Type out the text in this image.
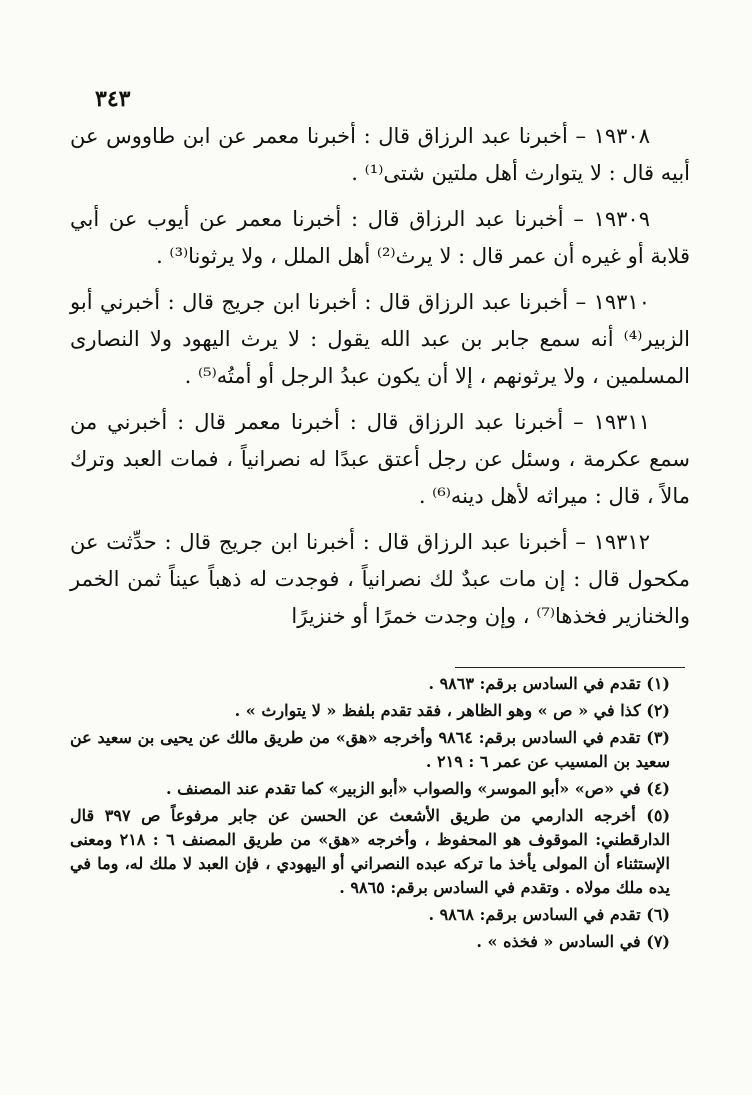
٣٤٣

١٩٣٠٨ – أخبرنا عبد الرزاق قال : أخبرنا معمر عن ابن طاووس عن أبيه قال : لا يتوارث أهل ملتين شتى⁽¹⁾ .

١٩٣٠٩ – أخبرنا عبد الرزاق قال : أخبرنا معمر عن أيوب عن أبي قلابة أو غيره أن عمر قال : لا يرث⁽²⁾ أهل الملل ، ولا يرثونا⁽³⁾ .

١٩٣١٠ – أخبرنا عبد الرزاق قال : أخبرنا ابن جريج قال : أخبرني أبو الزبير⁽⁴⁾ أنه سمع جابر بن عبد الله يقول : لا يرث اليهود ولا النصارى المسلمين ، ولا يرثونهم ، إلا أن يكون عبدُ الرجل أو أمتُه⁽⁵⁾ .

١٩٣١١ – أخبرنا عبد الرزاق قال : أخبرنا معمر قال : أخبرني من سمع عكرمة ، وسئل عن رجل أعتق عبدًا له نصرانياً ، فمات العبد وترك مالاً ، قال : ميراثه لأهل دينه⁽⁶⁾ .

١٩٣١٢ – أخبرنا عبد الرزاق قال : أخبرنا ابن جريج قال : حدِّثت عن مكحول قال : إن مات عبدٌ لك نصرانياً ، فوجدت له ذهباً عيناً ثمن الخمر والخنازير فخذها⁽⁷⁾ ، وإن وجدت خمرًا أو خنزيرًا

(١) تقدم في السادس برقم: ٩٨٦٣ .

(٢) كذا في « ص » وهو الظاهر ، فقد تقدم بلفظ « لا يتوارث » .

(٣) تقدم في السادس برقم: ٩٨٦٤ وأخرجه «هق» من طريق مالك عن يحيى بن سعيد عن سعيد بن المسيب عن عمر ٦ : ٢١٩ .

(٤) في «ص» «أبو الموسر» والصواب «أبو الزبير» كما تقدم عند المصنف .

(٥) أخرجه الدارمي من طريق الأشعث عن الحسن عن جابر مرفوعاً ص ٣٩٧ قال الدارقطني: الموقوف هو المحفوظ ، وأخرجه «هق» من طريق المصنف ٦ : ٢١٨ ومعنى الإستثناء أن المولى يأخذ ما تركه عبده النصراني أو اليهودي ، فإن العبد لا ملك له، وما في يده ملك مولاه . وتقدم في السادس برقم: ٩٨٦٥ .

(٦) تقدم في السادس برقم: ٩٨٦٨ .

(٧) في السادس « فخذه » .
